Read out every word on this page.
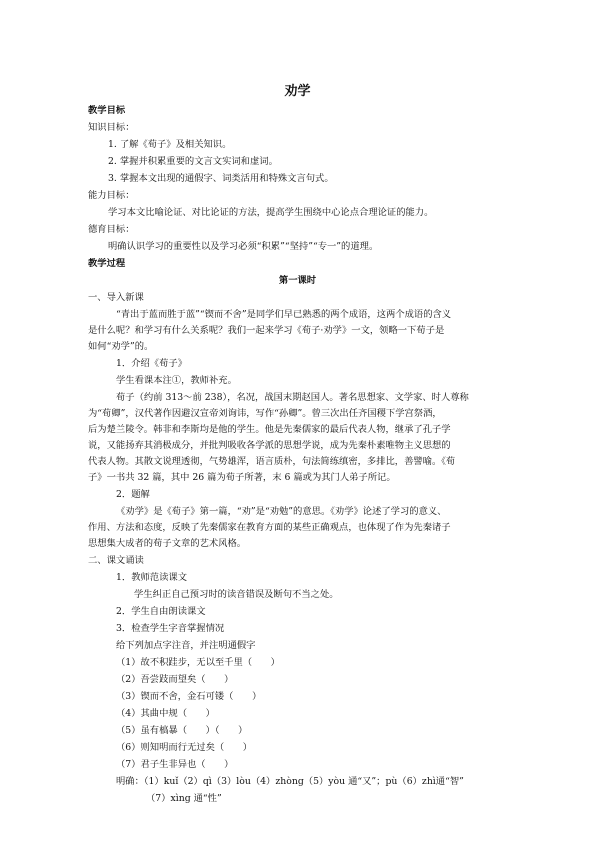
劝学
教学目标
知识目标：
1. 了解《荀子》及相关知识。
2. 掌握并积累重要的文言文实词和虚词。
3. 掌握本文出现的通假字、词类活用和特殊文言句式。
能力目标：
学习本文比喻论证、对比论证的方法，提高学生围绕中心论点合理论证的能力。
德育目标：
明确认识学习的重要性以及学习必须“积累”“坚持”“专一”的道理。
教学过程
第一课时
一、导入新课
“青出于蓝而胜于蓝”“锲而不舍”是同学们早已熟悉的两个成语，这两个成语的含义
是什么呢？和学习有什么关系呢？我们一起来学习《荀子·劝学》一文，领略一下荀子是
如何“劝学”的。
1．介绍《荀子》
学生看课本注①，教师补充。
荀子（约前 313～前 238），名况，战国末期赵国人。著名思想家、文学家、时人尊称
为“荀卿”，汉代著作因避汉宣帝刘询讳，写作“孙卿”。曾三次出任齐国稷下学宫祭酒，
后为楚兰陵令。韩非和李斯均是他的学生。他是先秦儒家的最后代表人物，继承了孔子学
说，又能扬弃其消极成分，并批判吸收各学派的思想学说，成为先秦朴素唯物主义思想的
代表人物。其散文说理透彻，气势雄浑，语言质朴，句法简练缜密，多排比，善譬喻。《荀
子》一书共 32 篇，其中 26 篇为荀子所著，末 6 篇或为其门人弟子所记。
2．题解
《劝学》是《荀子》第一篇，“劝”是“劝勉”的意思。《劝学》论述了学习的意义、
作用、方法和态度，反映了先秦儒家在教育方面的某些正确观点，也体现了作为先秦诸子
思想集大成者的荀子文章的艺术风格。
二、课文诵读
1．教师范读课文
学生纠正自己预习时的读音错误及断句不当之处。
2．学生自由朗读课文
3．检查学生字音掌握情况
给下列加点字注音，并注明通假字
（1）故不积跬步，无以至千里（　　）
（2）吾尝跂而望矣（　　）
（3）锲而不舍，金石可镂（　　）
（4）其曲中规（　　）
（5）虽有槁暴（　　）（　　）
（6）则知明而行无过矣（　　）
（7）君子生非异也（　　）
明确：（1）kuǐ（2）qì（3）lòu（4）zhòng（5）yòu 通“又”；pù（6）zhì通“智”
（7）xìng 通“性”
